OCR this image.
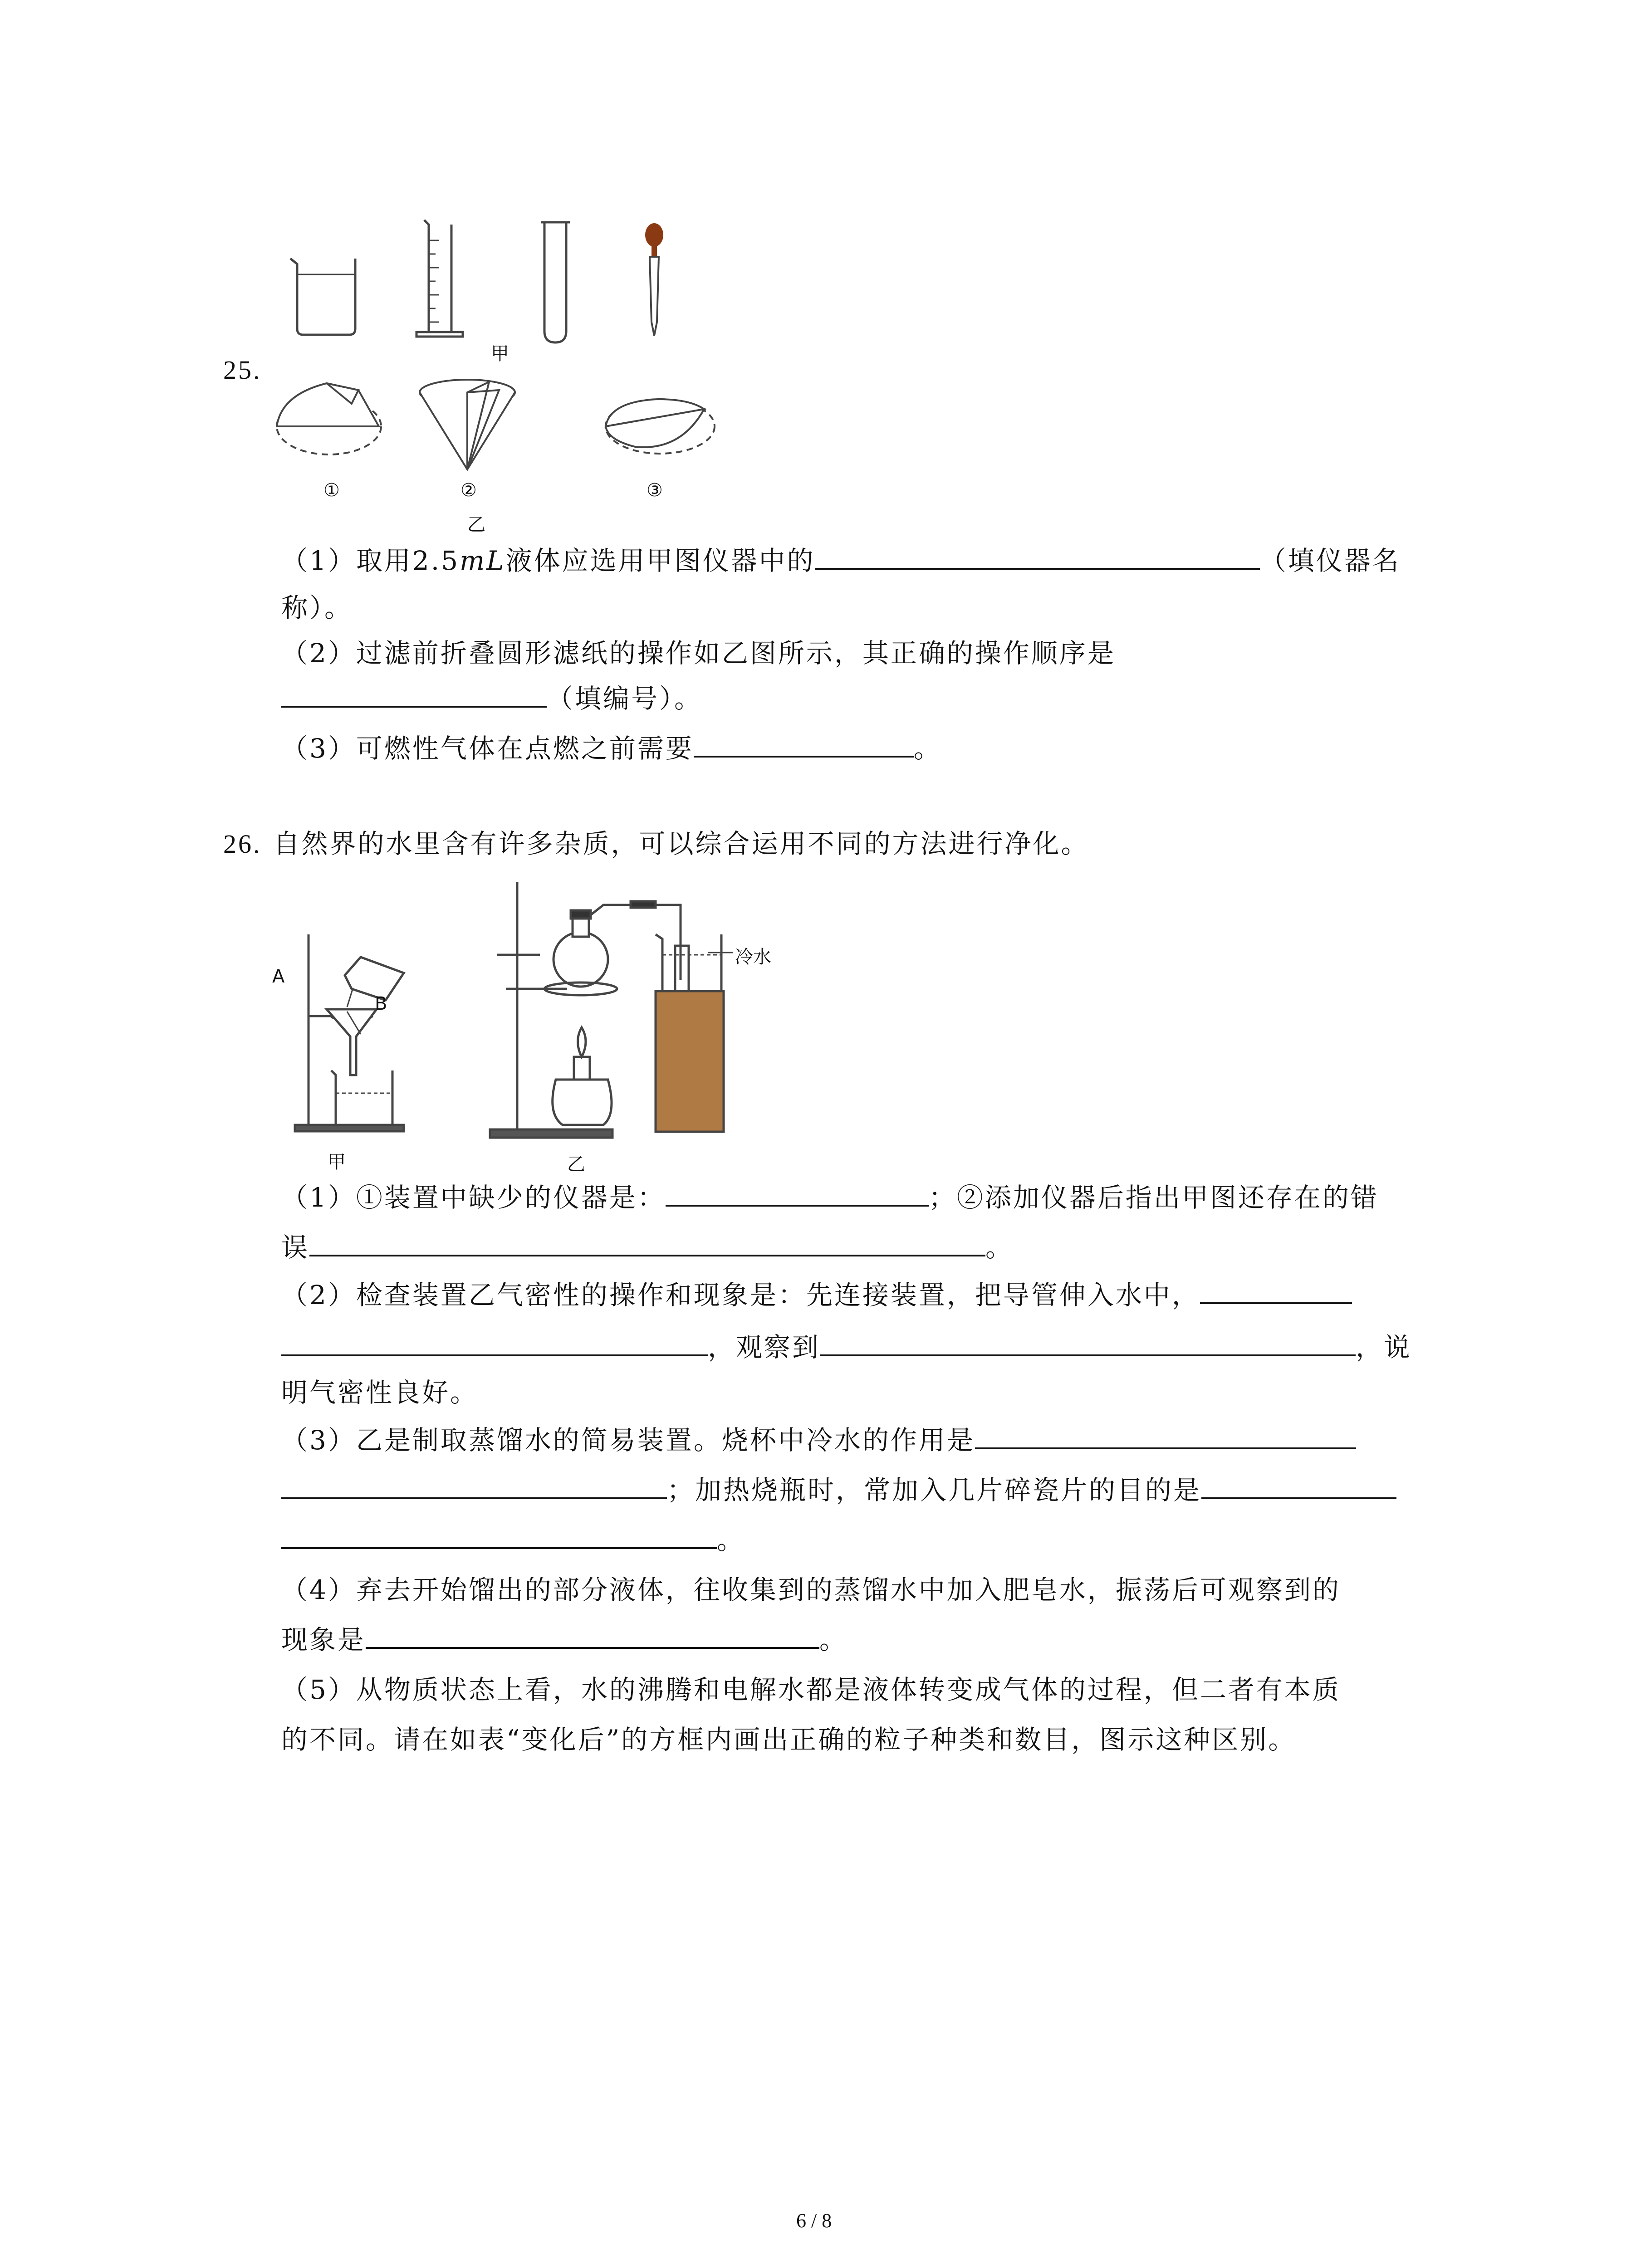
甲
25.
①	②	③
乙
（1）取用2.5mL液体应选用甲图仪器中的	（填仪器名
称）。
（2）过滤前折叠圆形滤纸的操作如乙图所示，其正确的操作顺序是
（填编号）。
（3）可燃性气体在点燃之前需要	。
26. 自然界的水里含有许多杂质，可以综合运用不同的方法进行净化。
A
B
甲
冷水
乙
（1）①装置中缺少的仪器是：	；②添加仪器后指出甲图还存在的错
误	。
（2）检查装置乙气密性的操作和现象是：先连接装置，把导管伸入水中，
，观察到	，说
明气密性良好。
（3）乙是制取蒸馏水的简易装置。烧杯中冷水的作用是
；加热烧瓶时，常加入几片碎瓷片的目的是
。
（4）弃去开始馏出的部分液体，往收集到的蒸馏水中加入肥皂水，振荡后可观察到的
现象是	。
（5）从物质状态上看，水的沸腾和电解水都是液体转变成气体的过程，但二者有本质
的不同。请在如表“变化后”的方框内画出正确的粒子种类和数目，图示这种区别。
6 / 8
